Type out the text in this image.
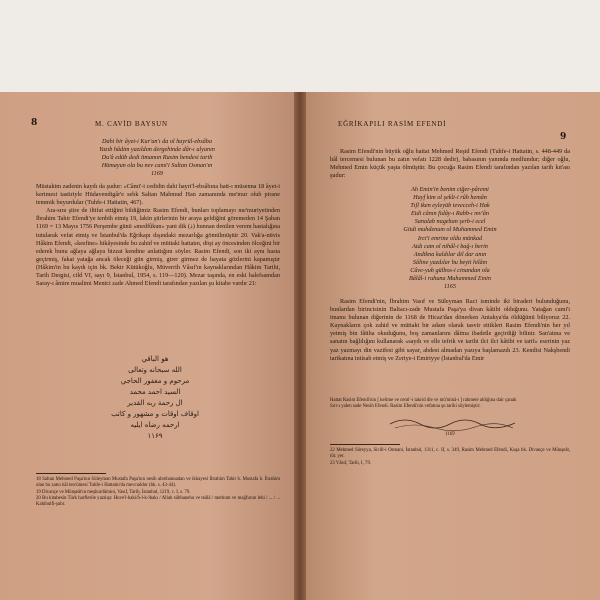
8	M. CAVİD BAYSUN

Dahi bir âyet-i Kur'an'ı da ol hayrül-ebsâba

Yazıb hâdim yazıldım dergehinde dâr-ı ulyanın

Du'â edüb dedi itmamın Rasim bendesi tarih

Hümayun ola bu nev cami'i Sultan Osman'ın

1169

Müstakim zadenin kaydı da şudur: «Câmi'-i cedidin dahi hayri'l-ebsâbına hatt-ı müsenna 18 âyet-i kerimesi tastiriyle Hüdavendigâr'e sebk Saltan Mahmud Han zamanında me'mur olub pirane temmik buyurdular (Tuhfe-i Hattatin, 467).

Ara-sıra şiire de iltifat ettiğini bildiğimiz Rasim Efendi, bunları toplamayı me'muriyetinden İbrahim Tahir Efendi'ye tenbih etmiş 19, lakin şiirlerinin bir araya geldiğini göremeden 14 Şaban 1169 = 13 Mayıs 1756 Perşembe günü «medfûkun» yani dik (ذ) hunnan denilen verem hastalığına tutularak vefat etmiş ve İstanbul'da Eğrikapı dışındaki mezarlığa gömülmüştür 20. Vak'a-nüvis Hâkim Efendi, «kesfine» hikâyesinde bu zahid ve müttaki hattatın, döşt ay öncesinden ölceğini bir ederek bunu ağlaya ağlaya bizzat kendine anlattığını söyler. Rasim Efendi, son iki aynı hasta geçirmiş, fakat yatağa ancak öleceği gün girmiş, girer girmez de hayata gözlerini kapamıştır (Hâkim'in bu kaydı için bk. Bekir Kütükoğlu, Müverrih Vâsıf'ın kaynaklarından Hâkim Tarihi, Tarih Dergisi, cild VI, sayı 9, İstanbul, 1954, s. 119—120). Mezar taşında, en eski halefsamdan Saray-ı âmire mualimi Mentci zade Ahmed Efendi tarafından yazılan şu kitabe vardır 21:

هو الباقي
الله سبحانه وتعالى
مرحوم و مغفور الحاجي
السيد احمد محمد
ال رحمة ربه القدير
اوقاف اوقات و مشهور و کاتب
ارحمه رضاه ايليه
۱۱۶۹

18 Saltan Mehmed Paşa'nın Süleyman Mustafa Paşa'nın nesih ahrebannadan ve ikhayesi İbrahim Tahir b. Mustafa b. İbrahim olan bu zatın hâl tercümesi Tuhfe-i Hattatin'da mevcuddur (bk. s. 43-44).

19 Divançe ve Münşeât'ın meşhurdümini, Vasıf, Tarih, İstanbul, 1219, c. I, s. 79.

20 Bu kitabesin Türk harflerile yazılışı: Huve'l-baki/ĥ-l-k-lbakı / Allah sübhanehu ve teâlâ / merhum ve mağfurun lehi / ... / ... Kahihulfi-şubr.

EĞRİKAPILI RASİM EFENDİ
9

Rasim Efendi'nin büyük oğlu hattat Mehmed Reşid Efendi (Tuhfe-i Hattatin, s. 448-449 da hâl tercemesi bulunan bu zatın vefatı 1228 dedir), babasının yanında medfundur; diğer oğlu, Mehmed Emin küçük yaşta ölmüştür. Bu çocuğa Rasim Efendi tarafından yazılan tarih kıt'ası şudur:

Ah Emin'in benim ciğer-pâremi

Hayf kim ol şekli-i rûh hemân

Tıfl iken eyleyüb tevecceh-i Hak

Etdi cânın fidây-ı Rabb-ı mv'ân

Sanalab nagehan şerb-i ecel

Gitdi muhdenum ol Muhammed Emin

Irci'i emrine oldu münkad

Atdı cam ol nihâl-i bağ-ı berin

Andikna kaldılar dil dar anın

Sâline yazdılar bu beyti hilâm

Câve-yub gülbos-i cinandan ola

Bâlâl-i ruhuna Muhammed Emin

1165

Rasim Efendi'nin, İbrahim Vasıf ve Süleyman Raci isminde iki biraderi bulunduğunu, bunlardan birincisinin Baltacı-zade Mustafa Paşa'ya divan kâtibi olduğunu. Yatağan cami'i imamı bulunan diğerinin de 1168 de Hicaz'dan dönerken Antakya'da öldüğünü biliyoruz 22. Kaynakların çok zahid ve müttaki bir adam olarak tasvir ettikleri Rasim Efendi'nin her yıl yetmiş bin fâtiha okuduğunu, boş zamanlarını dâima ibadetle geçirdiği bilinir. San'atına ve sanatın bağlılığını kullanarak «saydı ve elle tefrik ve tarihi ilci ilci kâtibi ve tarif» eserinin yaz yaz yazmayı din vazifesi gibi sayar, abdest almadan yazıya başlamazdı 23. Kendisi Nakşbendi tarikatına intisab etmiş ve Zeriye-i Emiriyye (İstanbul'da Emir

Hattat Rasim Efendi'nin [ kelime ve cemi'-i takrid dle ve mü'minâ-ı ] rahmete aldığına dair çanak

Sırr-ı yalen sade Nesih Efendi. Rasim Efendi'nin vefatına şu tarihi söylemiştir:

1169

22 Mehmed Süreyya, Sicill-i Osmani, İstanbul, 1311, c. II, s. 349, Rasim Mehmed Efendi, Kuşa bk. Divançe ve Münşeât, tûr. yer.

23 Vâsıf, Tarih, I, 79.
